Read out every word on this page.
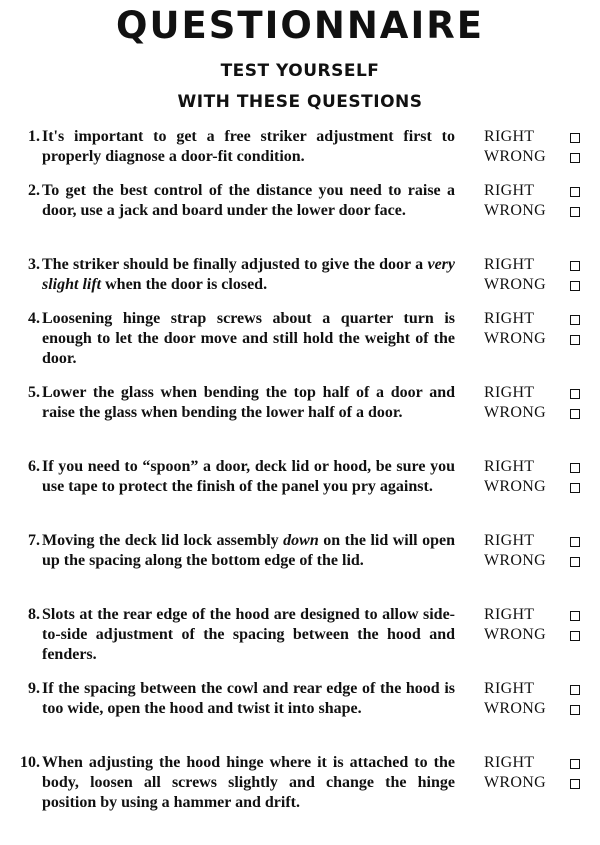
QUESTIONNAIRE
TEST YOURSELF
WITH THESE QUESTIONS
1. It's important to get a free striker adjustment first to properly diagnose a door-fit condition.
RIGHT
WRONG
2. To get the best control of the distance you need to raise a door, use a jack and board under the lower door face.
RIGHT
WRONG
3. The striker should be finally adjusted to give the door a very slight lift when the door is closed.
RIGHT
WRONG
4. Loosening hinge strap screws about a quarter turn is enough to let the door move and still hold the weight of the door.
RIGHT
WRONG
5. Lower the glass when bending the top half of a door and raise the glass when bending the lower half of a door.
RIGHT
WRONG
6. If you need to “spoon” a door, deck lid or hood, be sure you use tape to protect the finish of the panel you pry against.
RIGHT
WRONG
7. Moving the deck lid lock assembly down on the lid will open up the spacing along the bottom edge of the lid.
RIGHT
WRONG
8. Slots at the rear edge of the hood are designed to allow side-to-side adjustment of the spacing between the hood and fenders.
RIGHT
WRONG
9. If the spacing between the cowl and rear edge of the hood is too wide, open the hood and twist it into shape.
RIGHT
WRONG
10. When adjusting the hood hinge where it is attached to the body, loosen all screws slightly and change the hinge position by using a hammer and drift.
RIGHT
WRONG
